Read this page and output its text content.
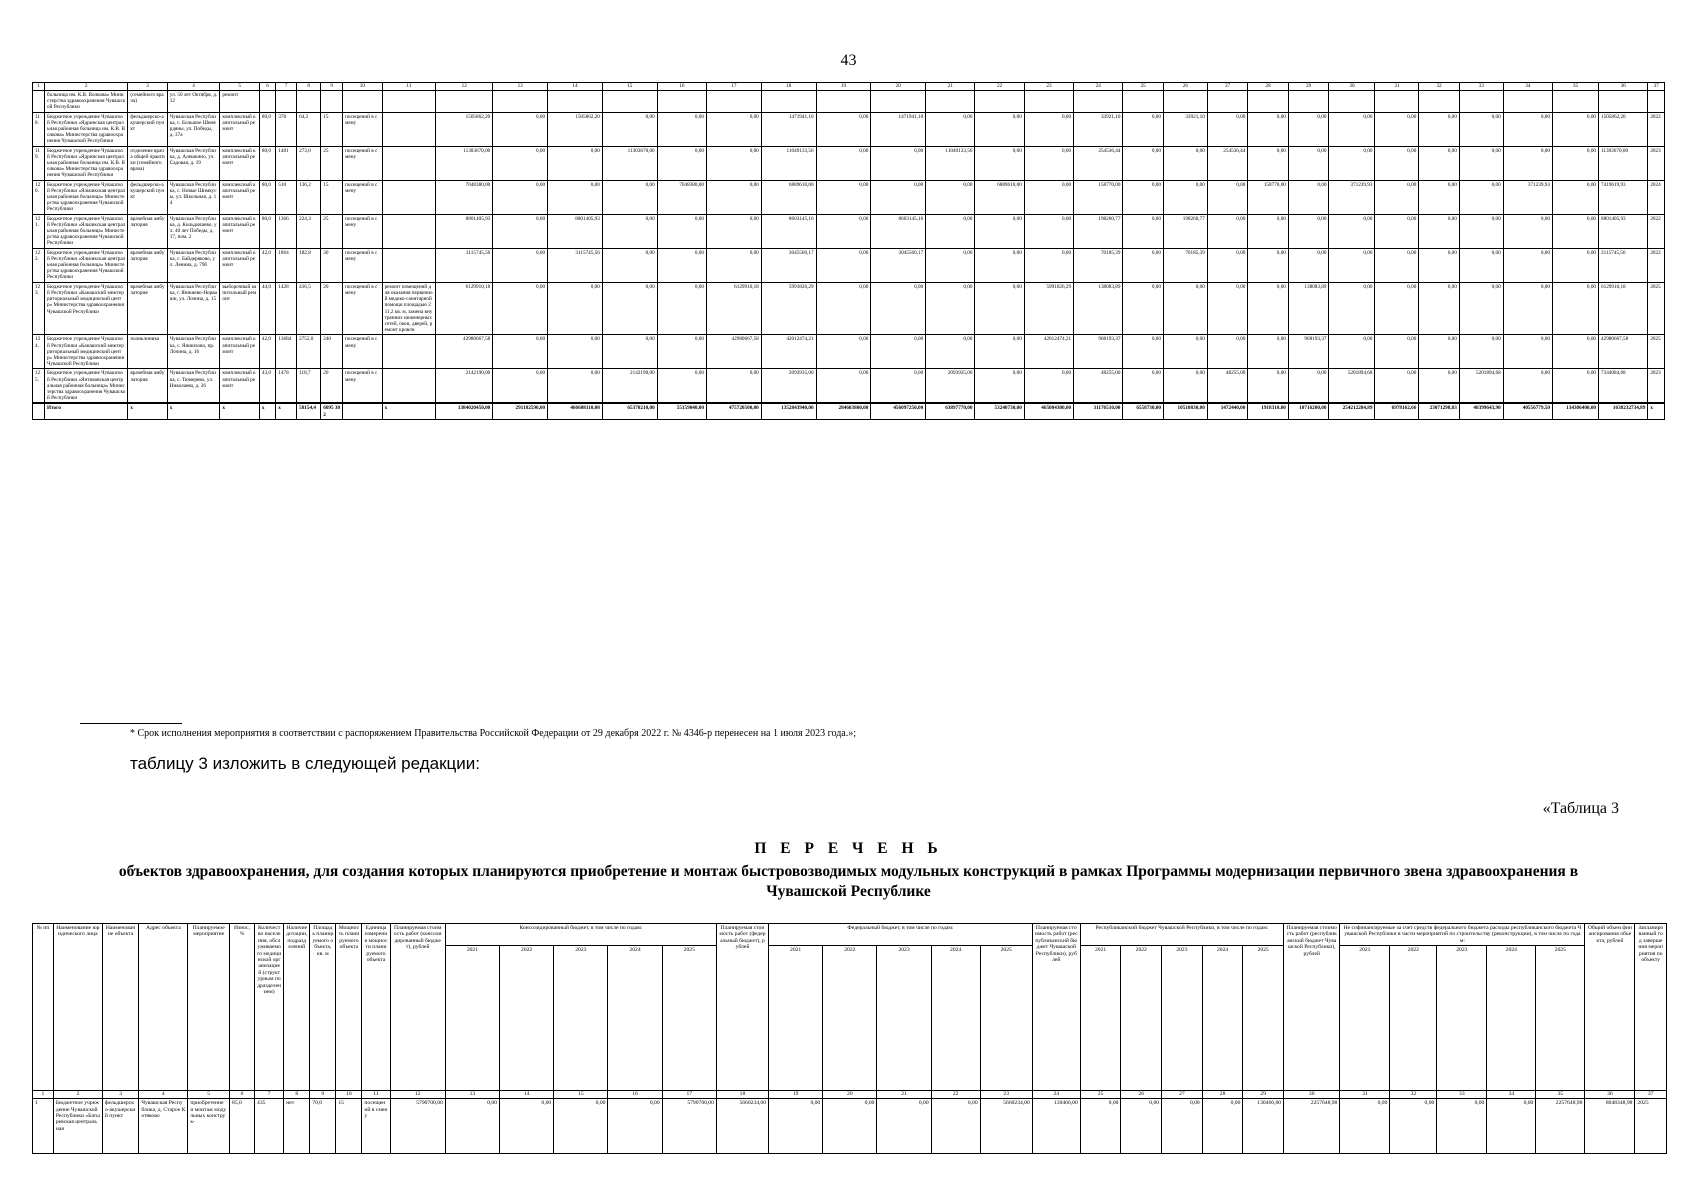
43
1	2	3	4	5	6	7	8	9	10	11	12	13	14	15	16	17	18	19	20	21	22	23	24	25	26	27	28	29	30	31	32	33	34	35	36	37
	больница им. К.В. Волкова» Министерства здравоохранения Чувашской Республики	(семейного врача)	ул. 50 лет Октября, д. 12	ремонт																																
118.	Бюджетное учреждение Чувашской Республики «Ядринская центральная районная больница им. К.В. Волкова» Министерства здравоохранения Чувашской Республики	фельдшерско-акушерский пункт	Чувашская Республика, с. Большое Шемердяны, ул. Победы, д. 37а	комплексный капитальный ремонт	80,0	378	64,2	15	посещений в смену		1505862,20	0,00	1505862,20	0,00	0,00	0,00	1471941,10	0,00	1471941,10	0,00	0,00	0,00	33921,10	0,00	33921,10	0,00	0,00	0,00	0,00	0,00	0,00	0,00	0,00	0,00	1505862,20	2022
119.	Бюджетное учреждение Чувашской Республики «Ядринская центральная районная больница им. К.В. Волкова» Министерства здравоохранения Чувашской Республики	отделение врача общей практики (семейного врача)	Чувашская Республика, д. Алешкино, ул. Садовая, д. 19	комплексный капитальный ремонт	80,0	1481	273,0	25	посещений в смену		11303670,00	0,00	0,00	11303670,00	0,00	0,00	11049133,56	0,00	0,00	11049133,56	0,00	0,00	254536,44	0,00	0,00	254536,44	0,00	0,00	0,00	0,00	0,00	0,00	0,00	0,00	11303670,00	2023
120.	Бюджетное учреждение Чувашской Республики «Яльчикская центральная районная больница» Министерства здравоохранения Чувашской Республики	фельдшерско-акушерский пункт	Чувашская Республика, с. Новые Шимкусы, ул. Школьная, д. 14	комплексный капитальный ремонт	80,0	510	136,2	15	посещений в смену		7048380,00	0,00	0,00	0,00	7048380,00	0,00	6889610,00	0,00	0,00	0,00	6889610,00	0,00	158770,00	0,00	0,00	0,00	158770,00	0,00	371239,93	0,00	0,00	0,00	371239,93	0,00	7419619,93	2024
121.	Бюджетное учреждение Чувашской Республики «Яльчикская центральная районная больница» Министерства здравоохранения Чувашской Республики	врачебная амбулатория	Чувашская Республика, д. Кильдюшево, ул. 40 лет Победы, д. 17, пом. 2	комплексный капитальный ремонт	80,0	1366	224,3	25	посещений в смену		8801405,93	0,00	8801405,93	0,00	0,00	0,00	8603145,16	0,00	8603145,16	0,00	0,00	0,00	198260,77	0,00	198260,77	0,00	0,00	0,00	0,00	0,00	0,00	0,00	0,00	0,00	8801405,93	2022
122.	Бюджетное учреждение Чувашской Республики «Яльчикская центральная районная больница» Министерства здравоохранения Чувашской Республики	врачебная амбулатория	Чувашская Республика, с. Байдеряково, ул. Ленина, д. 79б	комплексный капитальный ремонт	42,0	1864	182,8	30	посещений в смену		3115745,56	0,00	3115745,56	0,00	0,00	0,00	3045560,17	0,00	3045560,17	0,00	0,00	0,00	70185,39	0,00	70185,39	0,00	0,00	0,00	0,00	0,00	0,00	0,00	0,00	0,00	3115745,56	2022
123.	Бюджетное учреждение Чувашской Республики «Канашский межтерриториальный медицинский центр» Министерства здравоохранения Чувашской Республики	врачебная амбулатория	Чувашская Республика, г. Янишево-Норваши, ул. Лочина, д. 15	выборочный капитальный ремонт	44,0	1428	416,5	20	посещений в смену	ремонт помещений для оказания первичной медико-санитарной помощи площадью 211,2 кв. м, замена внутренних инженерных сетей, окон, дверей, ремонт кровли	6129910,18	0,00	0,00	0,00	0,00	6129910,18	5991826,29	0,00	0,00	0,00	0,00	5991826,29	138083,89	0,00	0,00	0,00	0,00	138083,89	0,00	0,00	0,00	0,00	0,00	0,00	6129910,18	2025
124.	Бюджетное учреждение Чувашской Республики «Канашский межтерриториальный медицинский центр» Министерства здравоохранения Чувашской Республики	поликлиника	Чувашская Республика, с. Яншихово, пр. Лочина, д. 16	комплексный капитальный ремонт	42,0	13684	2752,0	240	посещений в смену		42980667,58	0,00	0,00	0,00	0,00	42980667,58	42012474,21	0,00	0,00	0,00	0,00	42012474,21	968193,37	0,00	0,00	0,00	0,00	968193,37	0,00	0,00	0,00	0,00	0,00	0,00	42980667,58	2025
125.	Бюджетное учреждение Чувашской Республики «Янтиковская центральная районная больница» Министерства здравоохранения Чувашской Республики	врачебная амбулатория	Чувашская Республика, с. Тюмерево, ул. Николаева, д. 26	комплексный капитальный ремонт	43,0	1478	118,7	20	посещений в смену		2142190,00	0,00	0,00	2142190,00	0,00	0,00	2093935,00	0,00	0,00	2093935,00	0,00	0,00	48255,00	0,00	0,00	48255,00	0,00	0,00	5201894,68	0,00	0,00	5201894,68	0,00	0,00	7344084,68	2023
	Итого	х	х	х	х	х	58154,4	6095 302		х	1384020450,00	291182590,00	466608110,00	65370210,00	55159040,00	475720500,00	1352843940,00	284603860,00	456097250,00	63897770,00	53240730,00	465004300,00	31176510,00	6558730,00	10510830,00	1472440,00	1918310,00	10716200,00	254212284,89	6978162,66	23071298,83	48399643,90	40556779,50	134306400,00	1638232734,89	х
* Срок исполнения мероприятия в соответствии с распоряжением Правительства Российской Федерации от 29 декабря 2022 г. № 4346-р перенесен на 1 июля 2023 года.»;
таблицу 3 изложить в следующей редакции:
«Таблица 3
П Е Р Е Ч Е Н Ь
объектов здравоохранения, для создания которых планируются приобретение и монтаж быстровозводимых модульных конструкций в рамках Программы модернизации первичного звена здравоохранения в Чувашской Республике
№ пп	Наименование юридического лица	Наименование объекта	Адрес объекта	Планируемое мероприятие	Износ, %	Количество населения, обслуживаемого медицинской организацией (структурным подразделением)	Наличие дотации, подразделений	Площадь планируемого объекта, кв. м	Мощность планируемого объекта	Единица измерения мощности планируемого объекта	Планируемая стоимость работ (консолидированный бюджет), рублей	Консолидированный бюджет, в том числе по годам:					Планируемая стоимость работ (федеральный бюджет), рублей	Федеральный бюджет, в том числе по годам:					Планируемая стоимость работ (республиканский бюджет Чувашской Республики), рублей	Республиканский бюджет Чувашской Республики, в том числе по годам:					Планируемая стоимость работ (республиканский бюджет Чувашской Республики), рублей	Не софинансируемые за счет средств федерального бюджета расходы республиканского бюджета Чувашской Республики в части мероприятий по строительству (реконструкции), в том числе по годам:					Общий объем финансирования объекта, рублей	Запланированный год завершения мероприятия по объекту
												2021	2022	2023	2024	2025		2021	2022	2023	2024	2025		2021	2022	2023	2024	2025		2021	2022	2023	2024	2025		
1	2	3	4	5	6	7	8	9	10	11	12	13	14	15	16	17	18	19	20	21	22	23	24	25	26	27	28	29	30	31	32	33	34	35	36	37
1	Бюджетное учреждение Чувашской Республики «Батыревская центральная	фельдшерско-акушерский пункт	Чувашская Республика, д. Старое Котяково	приобретение и монтаж модульных конструк-	85,0	435	нет	70,0	15	посещений в смену	5790700,00	0,00	0,00	0,00	0,00	5790700,00	5660234,00	0,00	0,00	0,00	0,00	5660234,00	130466,00	0,00	0,00	0,00	0,00	130466,00	2257648,98	0,00	0,00	0,00	0,00	2257648,98	8048348,98	2025
